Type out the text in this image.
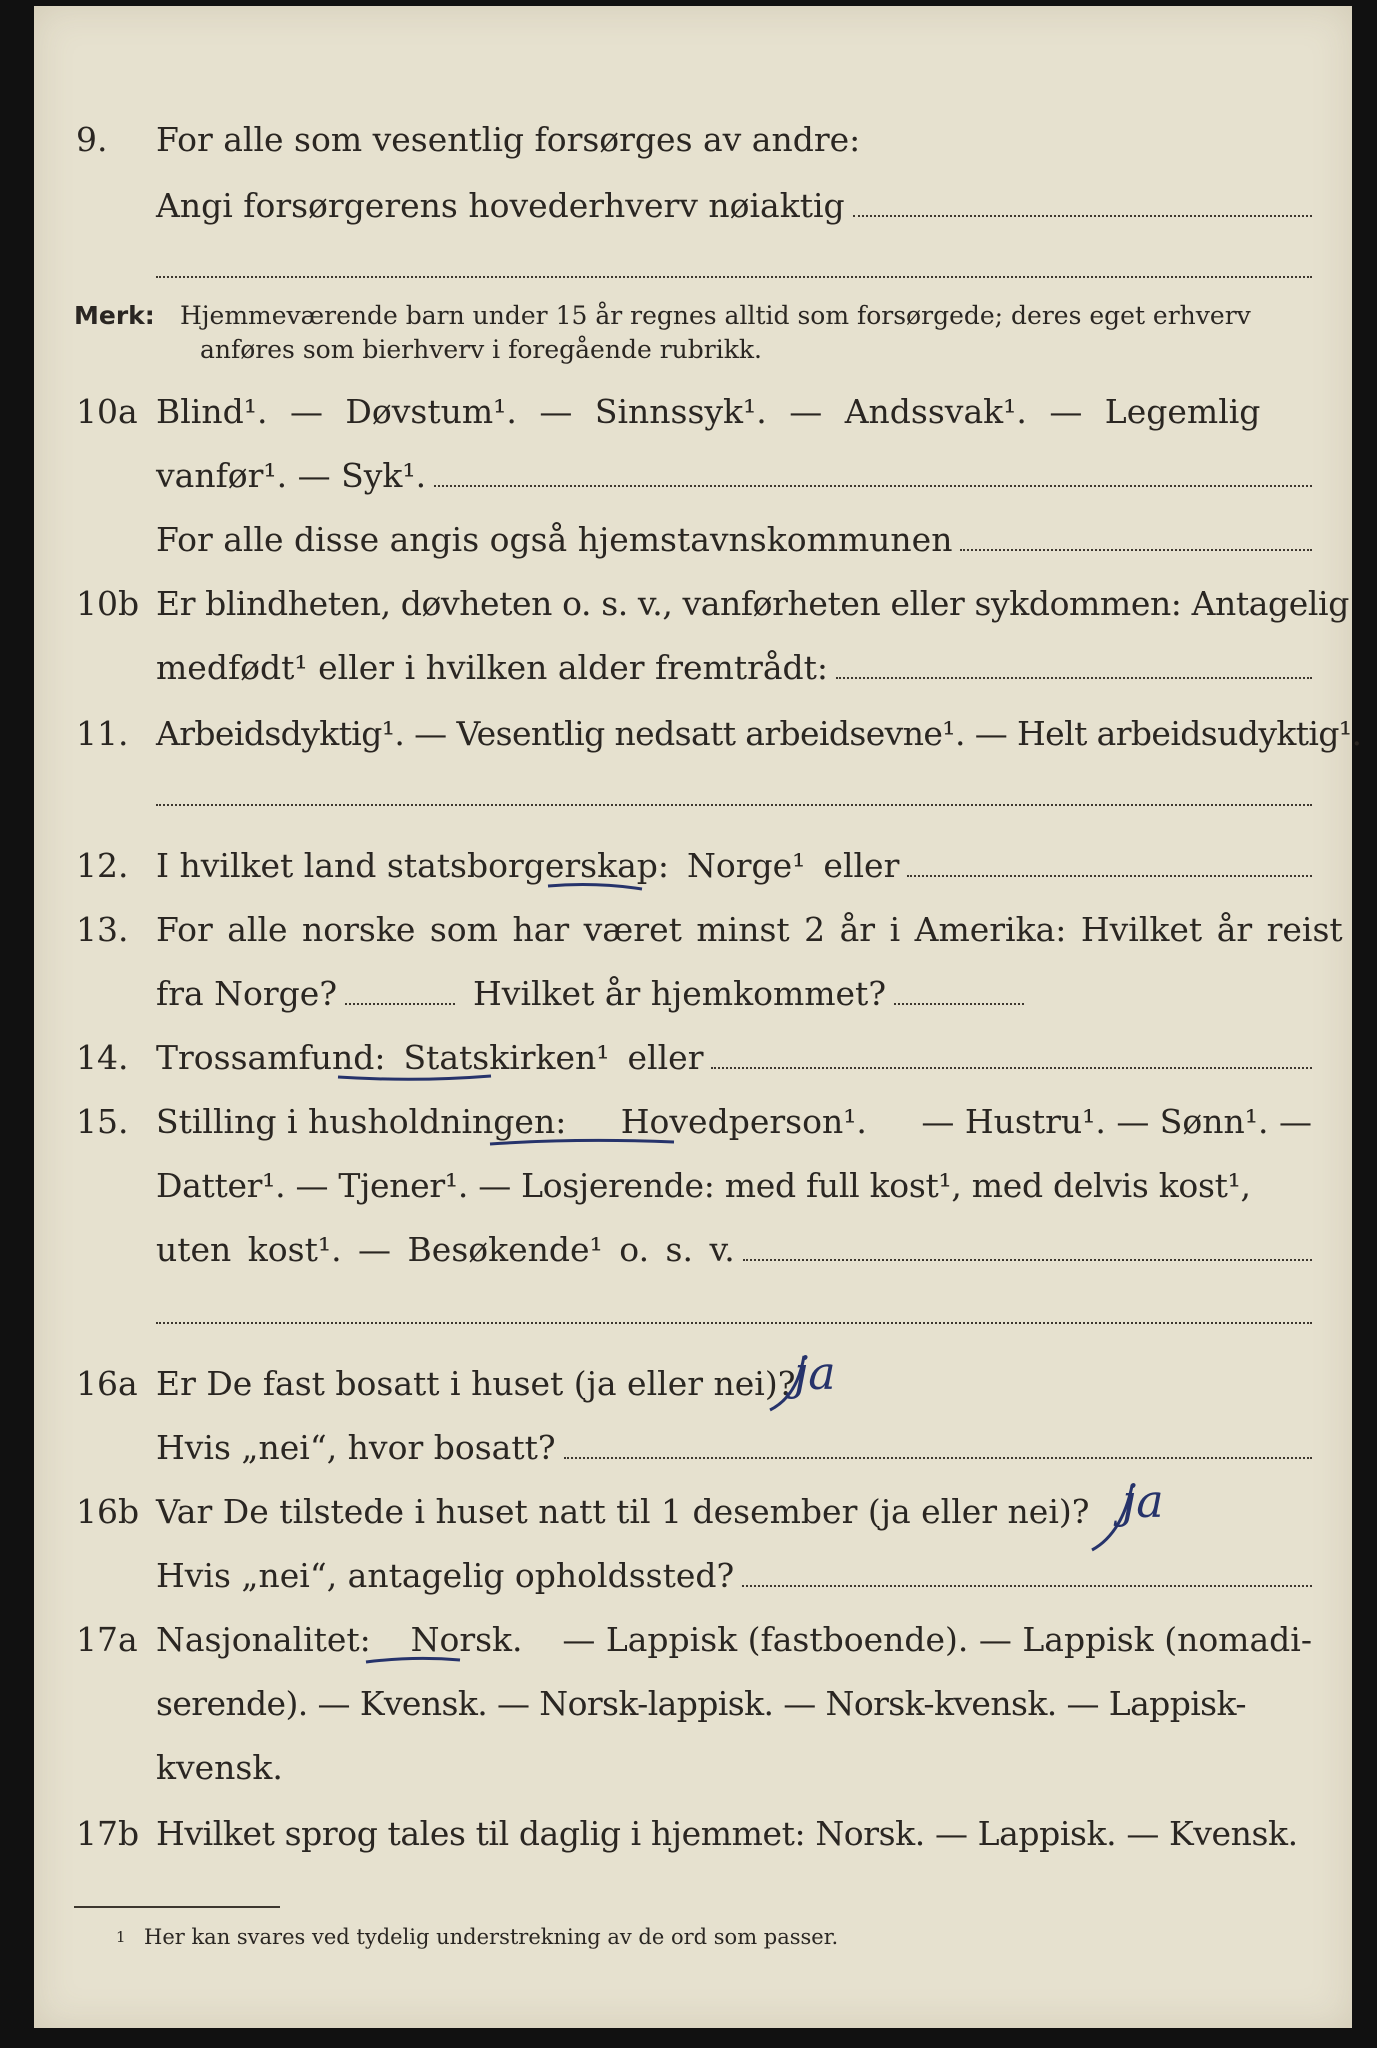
9. For alle som vesentlig forsørges av andre:
Angi forsørgerens hovederhverv nøiaktig
Merk: Hjemmeværende barn under 15 år regnes alltid som forsørgede; deres eget erhverv
anføres som bierhverv i foregående rubrikk.
10a Blind¹. — Døvstum¹. — Sinnssyk¹. — Andssvak¹. — Legemlig
vanfør¹. — Syk¹.
For alle disse angis også hjemstavnskommunen
10b Er blindheten, døvheten o. s. v., vanførheten eller sykdommen: Antagelig
medfødt¹ eller i hvilken alder fremtrådt:
11. Arbeidsdyktig¹. — Vesentlig nedsatt arbeidsevne¹. — Helt arbeidsudyktig¹.
12. I hvilket land statsborgerskap: Norge¹ eller
13. For alle norske som har været minst 2 år i Amerika: Hvilket år reist
fra Norge?	Hvilket år hjemkommet?
14. Trossamfund: Statskirken¹ eller
15. Stilling i husholdningen: Hovedperson¹. — Hustru¹. — Sønn¹. —
Datter¹. — Tjener¹. — Losjerende: med full kost¹, med delvis kost¹,
uten kost¹. — Besøkende¹ o. s. v.
16a Er De fast bosatt i huset (ja eller nei)?
ja
Hvis „nei“, hvor bosatt?
16b Var De tilstede i huset natt til 1 desember (ja eller nei)? ja
Hvis „nei“, antagelig opholdssted?
17a Nasjonalitet: Norsk. — Lappisk (fastboende). — Lappisk (nomadi-
serende). — Kvensk. — Norsk-lappisk. — Norsk-kvensk. — Lappisk-
kvensk.
17b Hvilket sprog tales til daglig i hjemmet: Norsk. — Lappisk. — Kvensk.
1 Her kan svares ved tydelig understrekning av de ord som passer.
